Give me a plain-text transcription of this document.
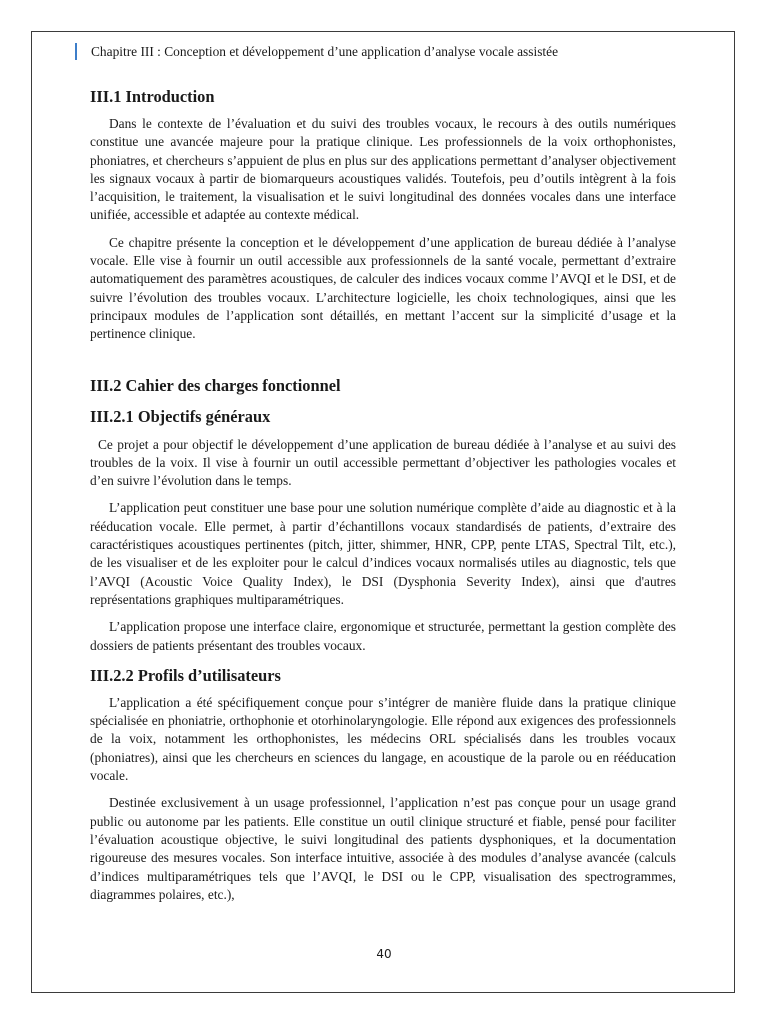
Chapitre III : Conception et développement d’une application d’analyse vocale assistée
III.1 Introduction

Dans le contexte de l’évaluation et du suivi des troubles vocaux, le recours à des outils numériques constitue une avancée majeure pour la pratique clinique. Les professionnels de la voix orthophonistes, phoniatres, et chercheurs s’appuient de plus en plus sur des applications permettant d’analyser objectivement les signaux vocaux à partir de biomarqueurs acoustiques validés. Toutefois, peu d’outils intègrent à la fois l’acquisition, le traitement, la visualisation et le suivi longitudinal des données vocales dans une interface unifiée, accessible et adaptée au contexte médical.

Ce chapitre présente la conception et le développement d’une application de bureau dédiée à l’analyse vocale. Elle vise à fournir un outil accessible aux professionnels de la santé vocale, permettant d’extraire automatiquement des paramètres acoustiques, de calculer des indices vocaux comme l’AVQI et le DSI, et de suivre l’évolution des troubles vocaux. L’architecture logicielle, les choix technologiques, ainsi que les principaux modules de l’application sont détaillés, en mettant l’accent sur la simplicité d’usage et la pertinence clinique.

III.2 Cahier des charges fonctionnel
III.2.1 Objectifs généraux

Ce projet a pour objectif le développement d’une application de bureau dédiée à l’analyse et au suivi des troubles de la voix. Il vise à fournir un outil accessible permettant d’objectiver les pathologies vocales et d’en suivre l’évolution dans le temps.

L’application peut constituer une base pour une solution numérique complète d’aide au diagnostic et à la rééducation vocale. Elle permet, à partir d’échantillons vocaux standardisés de patients, d’extraire des caractéristiques acoustiques pertinentes (pitch, jitter, shimmer, HNR, CPP, pente LTAS, Spectral Tilt, etc.), de les visualiser et de les exploiter pour le calcul d’indices vocaux normalisés utiles au diagnostic, tels que l’AVQI (Acoustic Voice Quality Index), le DSI (Dysphonia Severity Index), ainsi que d'autres représentations graphiques multiparamétriques.

L’application propose une interface claire, ergonomique et structurée, permettant la gestion complète des dossiers de patients présentant des troubles vocaux.

III.2.2 Profils d’utilisateurs

L’application a été spécifiquement conçue pour s’intégrer de manière fluide dans la pratique clinique spécialisée en phoniatrie, orthophonie et otorhinolaryngologie. Elle répond aux exigences des professionnels de la voix, notamment les orthophonistes, les médecins ORL spécialisés dans les troubles vocaux (phoniatres), ainsi que les chercheurs en sciences du langage, en acoustique de la parole ou en rééducation vocale.

Destinée exclusivement à un usage professionnel, l’application n’est pas conçue pour un usage grand public ou autonome par les patients. Elle constitue un outil clinique structuré et fiable, pensé pour faciliter l’évaluation acoustique objective, le suivi longitudinal des patients dysphoniques, et la documentation rigoureuse des mesures vocales. Son interface intuitive, associée à des modules d’analyse avancée (calculs d’indices multiparamétriques tels que l’AVQI, le DSI ou le CPP, visualisation des spectrogrammes, diagrammes polaires, etc.),

40
